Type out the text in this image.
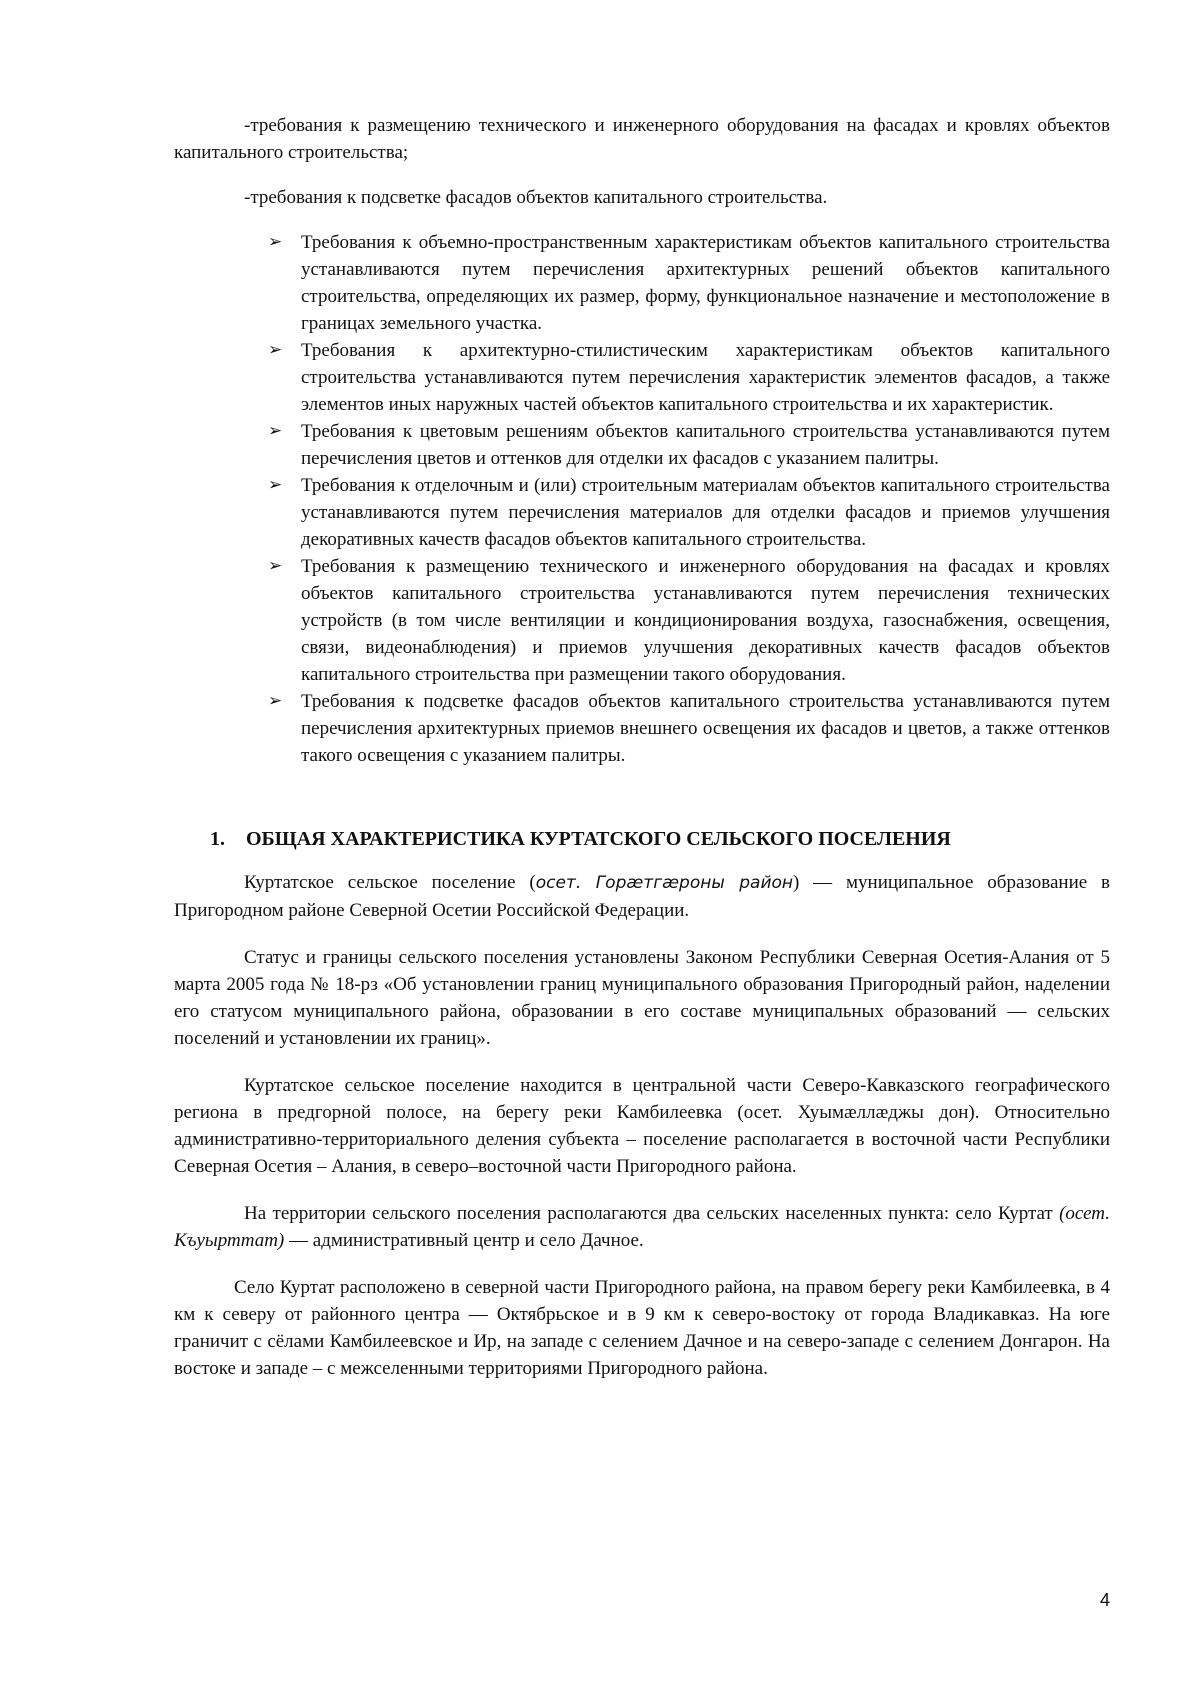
-требования к размещению технического и инженерного оборудования на фасадах и кровлях объектов капитального строительства;

-требования к подсветке фасадов объектов капитального строительства.

➢ Требования к объемно-пространственным характеристикам объектов капитального строительства устанавливаются путем перечисления архитектурных решений объектов капитального строительства, определяющих их размер, форму, функциональное назначение и местоположение в границах земельного участка.
➢ Требования к архитектурно-стилистическим характеристикам объектов капитального строительства устанавливаются путем перечисления характеристик элементов фасадов, а также элементов иных наружных частей объектов капитального строительства и их характеристик.
➢ Требования к цветовым решениям объектов капитального строительства устанавливаются путем перечисления цветов и оттенков для отделки их фасадов с указанием палитры.
➢ Требования к отделочным и (или) строительным материалам объектов капитального строительства устанавливаются путем перечисления материалов для отделки фасадов и приемов улучшения декоративных качеств фасадов объектов капитального строительства.
➢ Требования к размещению технического и инженерного оборудования на фасадах и кровлях объектов капитального строительства устанавливаются путем перечисления технических устройств (в том числе вентиляции и кондиционирования воздуха, газоснабжения, освещения, связи, видеонаблюдения) и приемов улучшения декоративных качеств фасадов объектов капитального строительства при размещении такого оборудования.
➢ Требования к подсветке фасадов объектов капитального строительства устанавливаются путем перечисления архитектурных приемов внешнего освещения их фасадов и цветов, а также оттенков такого освещения с указанием палитры.
1. ОБЩАЯ ХАРАКТЕРИСТИКА КУРТАТСКОГО СЕЛЬСКОГО ПОСЕЛЕНИЯ

Куртатское сельское поселение (осет. Горæтгæроны район) — муниципальное образование в Пригородном районе Северной Осетии Российской Федерации.

Статус и границы сельского поселения установлены Законом Республики Северная Осетия-Алания от 5 марта 2005 года № 18-рз «Об установлении границ муниципального образования Пригородный район, наделении его статусом муниципального района, образовании в его составе муниципальных образований — сельских поселений и установлении их границ».

Куртатское сельское поселение находится в центральной части Северо-Кавказского географического региона в предгорной полосе, на берегу реки Камбилеевка (осет. Хуымæллæджы дон). Относительно административно-территориального деления субъекта – поселение располагается в восточной части Республики Северная Осетия – Алания, в северо–восточной части Пригородного района.

На территории сельского поселения располагаются два сельских населенных пункта: село Куртат (осет. Къуырттат) — административный центр и село Дачное.

Село Куртат расположено в северной части Пригородного района, на правом берегу реки Камбилеевка, в 4 км к северу от районного центра — Октябрьское и в 9 км к северо-востоку от города Владикавказ. На юге граничит с сёлами Камбилеевское и Ир, на западе с селением Дачное и на северо-западе с селением Донгарон. На востоке и западе – с межселенными территориями Пригородного района.

4
